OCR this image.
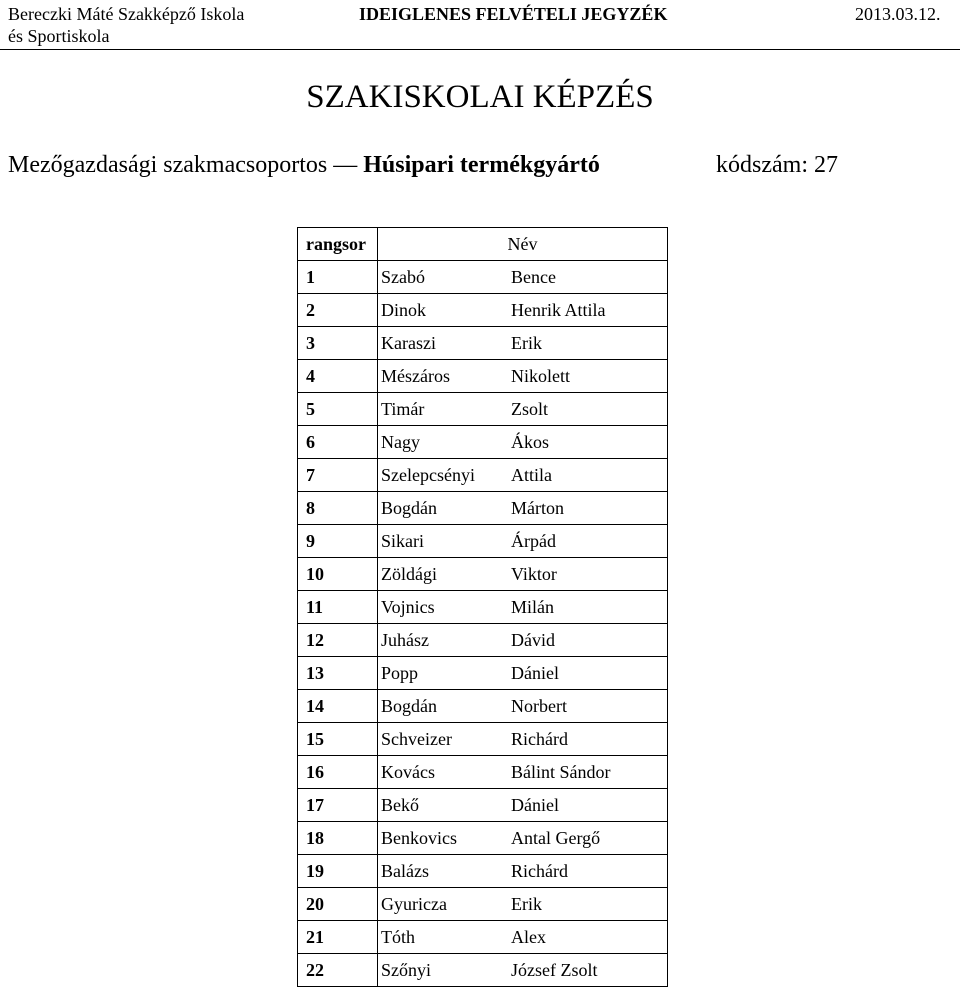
Bereczki Máté Szakképző Iskola
és Sportiskola
IDEIGLENES FELVÉTELI JEGYZÉK	2013.03.12.
SZAKISKOLAI KÉPZÉS
Mezőgazdasági szakmacsoportos — Húsipari termékgyártó	kódszám: 27
rangsor	Név
1	Szabó Bence
2	Dinok Henrik Attila
3	Karaszi Erik
4	Mészáros Nikolett
5	Timár Zsolt
6	Nagy Ákos
7	Szelepcsényi Attila
8	Bogdán Márton
9	Sikari Árpád
10	Zöldági Viktor
11	Vojnics Milán
12	Juhász Dávid
13	Popp Dániel
14	Bogdán Norbert
15	Schveizer Richárd
16	Kovács Bálint Sándor
17	Bekő Dániel
18	Benkovics Antal Gergő
19	Balázs Richárd
20	Gyuricza Erik
21	Tóth Alex
22	Szőnyi József Zsolt
